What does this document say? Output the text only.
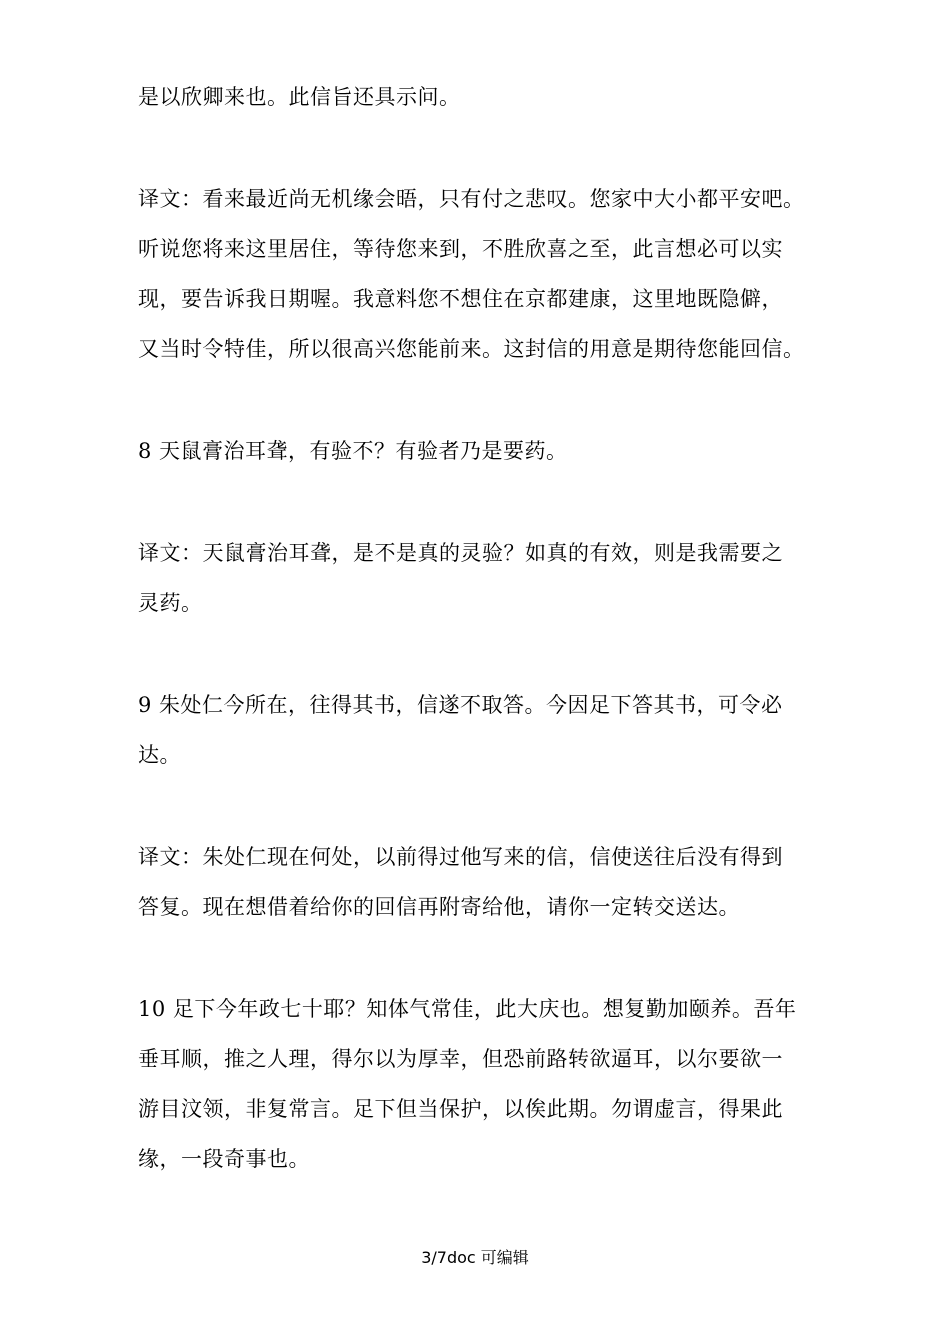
是以欣卿来也。此信旨还具示问。

译文：看来最近尚无机缘会晤，只有付之悲叹。您家中大小都平安吧。
听说您将来这里居住，等待您来到，不胜欣喜之至，此言想必可以实
现，要告诉我日期喔。我意料您不想住在京都建康，这里地既隐僻，
又当时令特佳，所以很高兴您能前来。这封信的用意是期待您能回信。

8 天鼠膏治耳聋，有验不？有验者乃是要药。

译文：天鼠膏治耳聋，是不是真的灵验？如真的有效，则是我需要之
灵药。

9 朱处仁今所在，往得其书，信遂不取答。今因足下答其书，可令必
达。

译文：朱处仁现在何处，以前得过他写来的信，信使送往后没有得到
答复。现在想借着给你的回信再附寄给他，请你一定转交送达。

10 足下今年政七十耶？知体气常佳，此大庆也。想复勤加颐养。吾年
垂耳顺，推之人理，得尔以为厚幸，但恐前路转欲逼耳，以尔要欲一
游目汶领，非复常言。足下但当保护，以俟此期。勿谓虚言，得果此
缘，一段奇事也。

3/7doc 可编辑
